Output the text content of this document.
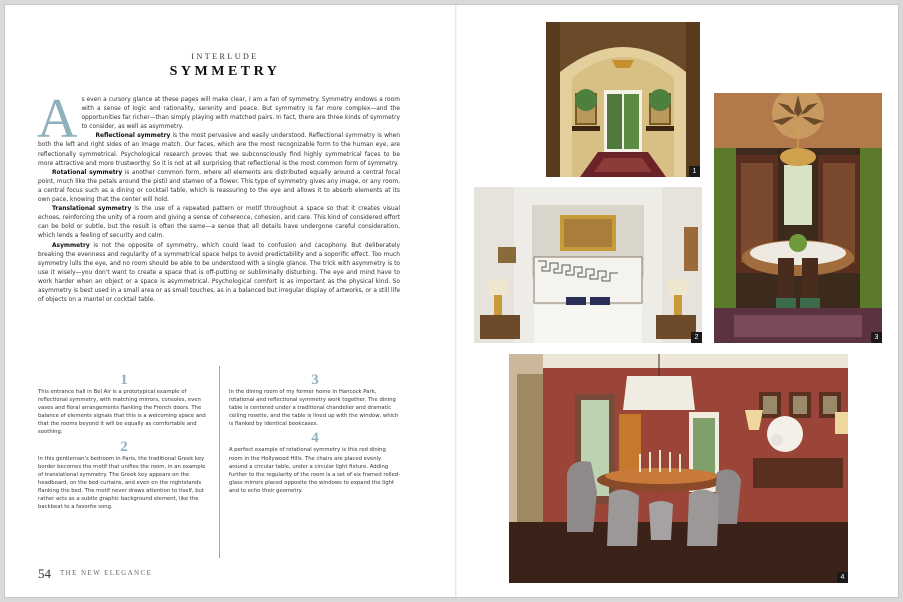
INTERLUDE
SYMMETRY
A s even a cursory glance at these pages will make clear, I am a fan of symmetry. Symmetry endows a room with a sense of logic and rationality, serenity and peace. But symmetry is far more complex—and the opportunities far richer—than simply playing with matched pairs. In fact, there are three kinds of symmetry to consider, as well as asymmetry.

Reflectional symmetry is the most pervasive and easily understood. Reflectional symmetry is when both the left and right sides of an image match. Our faces, which are the most recognizable form to the human eye, are reflectionally symmetrical. Psychological research proves that we subconsciously find highly symmetrical faces to be more attractive and more trustworthy. So it is not at all surprising that reflectional is the most common form of symmetry.

Rotational symmetry is another common form, where all elements are distributed equally around a central focal point, much like the petals around the pistil and stamen of a flower. This type of symmetry gives any image, or any room, a central focus such as a dining or cocktail table, which is reassuring to the eye and allows it to absorb elements at its own pace, knowing that the center will hold.

Translational symmetry is the use of a repeated pattern or motif throughout a space so that it creates visual echoes, reinforcing the unity of a room and giving a sense of coherence, cohesion, and care. This kind of considered effort can be bold or subtle, but the result is often the same—a sense that all details have undergone careful consideration, which lends a feeling of security and calm.

Asymmetry is not the opposite of symmetry, which could lead to confusion and cacophony. But deliberately breaking the evenness and regularity of a symmetrical space helps to avoid predictability and a soporific effect. Too much symmetry lulls the eye, and no room should be able to be understood with a single glance. The trick with asymmetry is to use it wisely—you don't want to create a space that is off-putting or subliminally disturbing. The eye and mind have to work harder when an object or a space is asymmetrical. Psychological comfort is as important as the physical kind. So asymmetry is best used in a small area or as small touches, as in a balanced but irregular display of artworks, or a still life of objects on a mantel or cocktail table.

1
This entrance hall in Bel Air is a prototypical example of reflectional symmetry, with matching mirrors, consoles, even vases and floral arrangements flanking the French doors. The balance of elements signals that this is a welcoming space and that the rooms beyond it will be equally as comfortable and soothing.
2
In this gentleman's bedroom in Paris, the traditional Greek key border becomes the motif that unifies the room, in an example of translational symmetry. The Greek key appears on the headboard, on the bed curtains, and even on the nightstands flanking the bed. The motif never draws attention to itself, but rather acts as a subtle graphic background element, like the backbeat to a favorite song.
3
In the dining room of my former home in Hancock Park, rotational and reflectional symmetry work together. The dining table is centered under a traditional chandelier and dramatic ceiling rosette, and the table is lined up with the window, which is flanked by identical bookcases.
4
A perfect example of rotational symmetry is this red dining room in the Hollywood Hills. The chairs are placed evenly around a circular table, under a circular light fixture. Adding further to the regularity of the room is a set of six framed rolled-glass mirrors placed opposite the windows to expand the light and to echo their geometry.
54 THE NEW ELEGANCE
1
3
2
4
